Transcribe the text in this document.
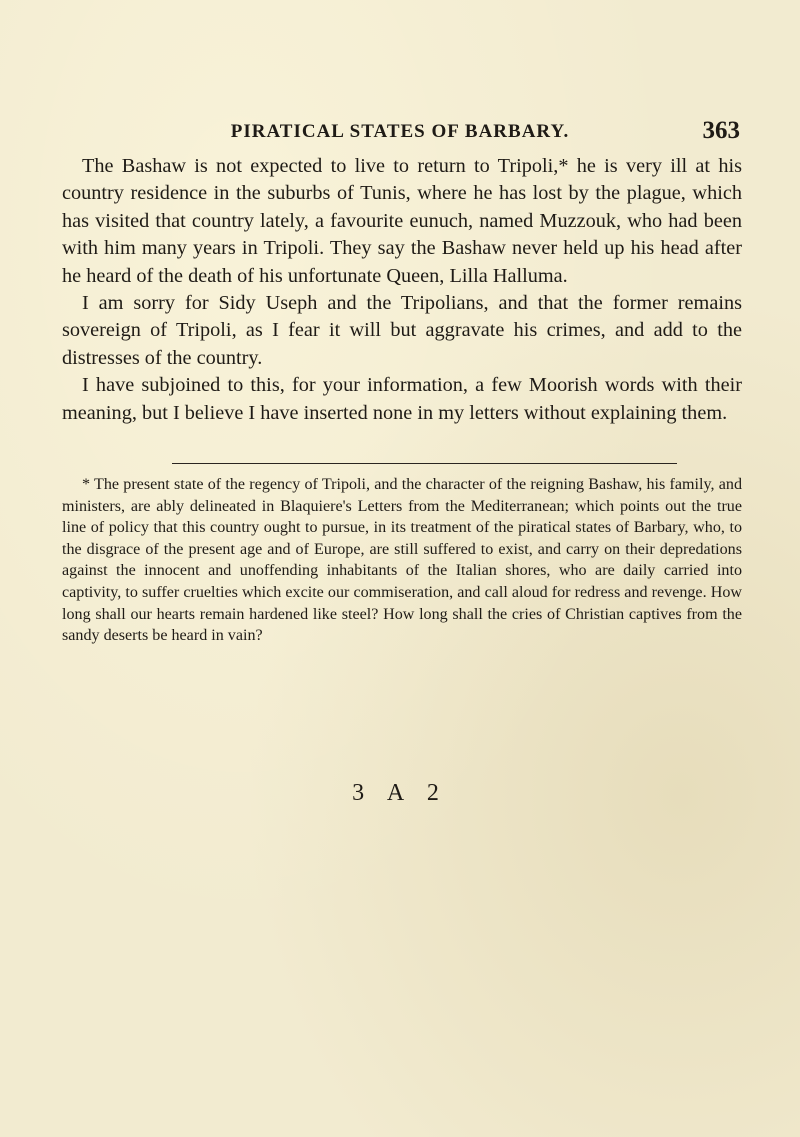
PIRATICAL STATES OF BARBARY.	363

The Bashaw is not expected to live to return to Tripoli,* he is very ill at his country residence in the suburbs of Tunis, where he has lost by the plague, which has visited that country lately, a favourite eunuch, named Muzzouk, who had been with him many years in Tripoli. They say the Bashaw never held up his head after he heard of the death of his unfortunate Queen, Lilla Halluma.

I am sorry for Sidy Useph and the Tripolians, and that the former remains sovereign of Tripoli, as I fear it will but aggravate his crimes, and add to the distresses of the country.

I have subjoined to this, for your information, a few Moorish words with their meaning, but I believe I have inserted none in my letters without explaining them.

* The present state of the regency of Tripoli, and the character of the reigning Bashaw, his family, and ministers, are ably delineated in Blaquiere's Letters from the Mediterranean; which points out the true line of policy that this country ought to pursue, in its treatment of the piratical states of Barbary, who, to the disgrace of the present age and of Europe, are still suffered to exist, and carry on their depredations against the innocent and unoffending inhabitants of the Italian shores, who are daily carried into captivity, to suffer cruelties which excite our commiseration, and call aloud for redress and revenge. How long shall our hearts remain hardened like steel? How long shall the cries of Christian captives from the sandy deserts be heard in vain?
3 A 2
